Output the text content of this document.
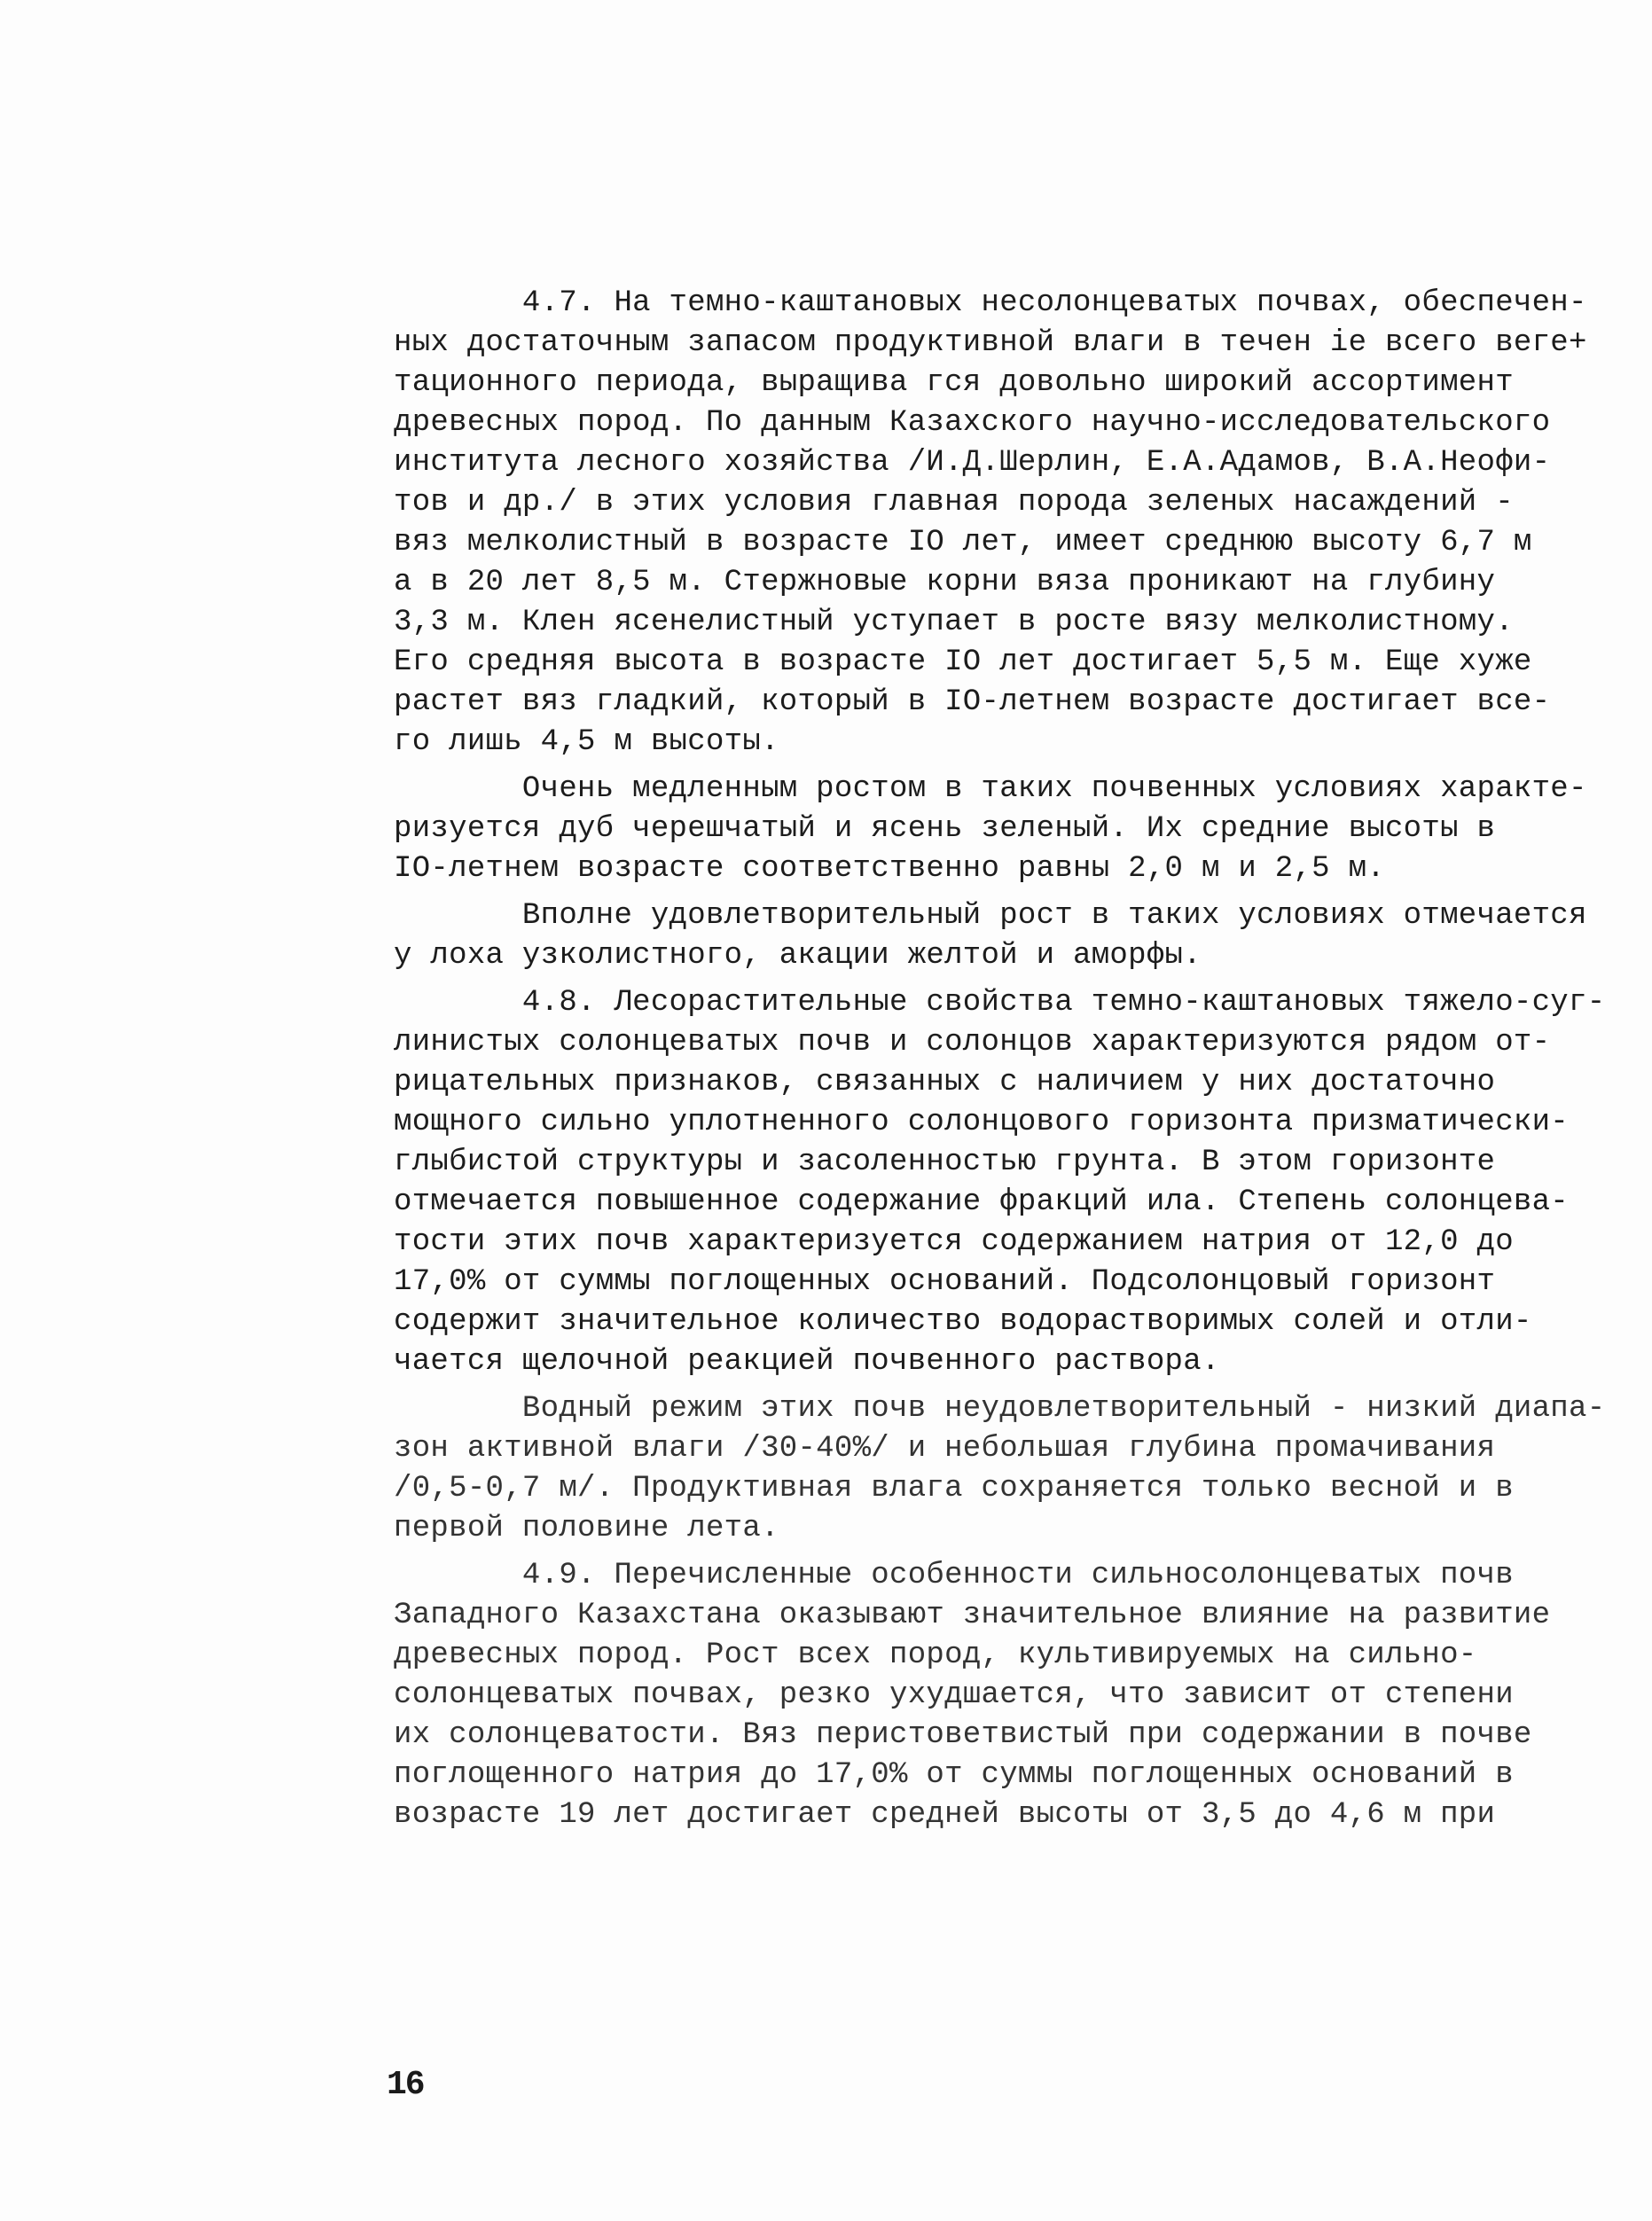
4.7. На темно-каштановых несолонцеватых почвах, обеспечен-
ных достаточным запасом продуктивной влаги в течен ie всего веге+
тационного периода, выращива гся довольно широкий ассортимент
древесных пород. По данным Казахского научно-исследовательского
института лесного хозяйства /И.Д.Шерлин, Е.А.Адамов, В.А.Неофи-
тов и др./ в этих условия главная порода зеленых насаждений -
вяз мелколистный в возрасте IO лет, имеет среднюю высоту 6,7 м
а в 20 лет 8,5 м. Стержновые корни вяза проникают на глубину
3,3 м. Клен ясенелистный уступает в росте вязу мелколистному.
Его средняя высота в возрасте IO лет достигает 5,5 м. Еще хуже
растет вяз гладкий, который в IO-летнем возрасте достигает все-
го лишь 4,5 м высоты.
Очень медленным ростом в таких почвенных условиях характе-
ризуется дуб черешчатый и ясень зеленый. Их средние высоты в
IO-летнем возрасте соответственно равны 2,0 м и 2,5 м.
Вполне удовлетворительный рост в таких условиях отмечается
у лоха узколистного, акации желтой и аморфы.
4.8. Лесорастительные свойства темно-каштановых тяжело-суг-
линистых солонцеватых почв и солонцов характеризуются рядом от-
рицательных признаков, связанных с наличием у них достаточно
мощного сильно уплотненного солонцового горизонта призматически-
глыбистой структуры и засоленностью грунта. В этом горизонте
отмечается повышенное содержание фракций ила. Степень солонцева-
тости этих почв характеризуется содержанием натрия от 12,0 до
17,0% от суммы поглощенных оснований. Подсолонцовый горизонт
содержит значительное количество водорастворимых солей и отли-
чается щелочной реакцией почвенного раствора.
Водный режим этих почв неудовлетворительный - низкий диапа-
зон активной влаги /30-40%/ и небольшая глубина промачивания
/0,5-0,7 м/. Продуктивная влага сохраняется только весной и в
первой половине лета.
4.9. Перечисленные особенности сильносолонцеватых почв
Западного Казахстана оказывают значительное влияние на развитие
древесных пород. Рост всех пород, культивируемых на сильно-
солонцеватых почвах, резко ухудшается, что зависит от степени
их солонцеватости. Вяз перистоветвистый при содержании в почве
поглощенного натрия до 17,0% от суммы поглощенных оснований в
возрасте 19 лет достигает средней высоты от 3,5 до 4,6 м при
16
